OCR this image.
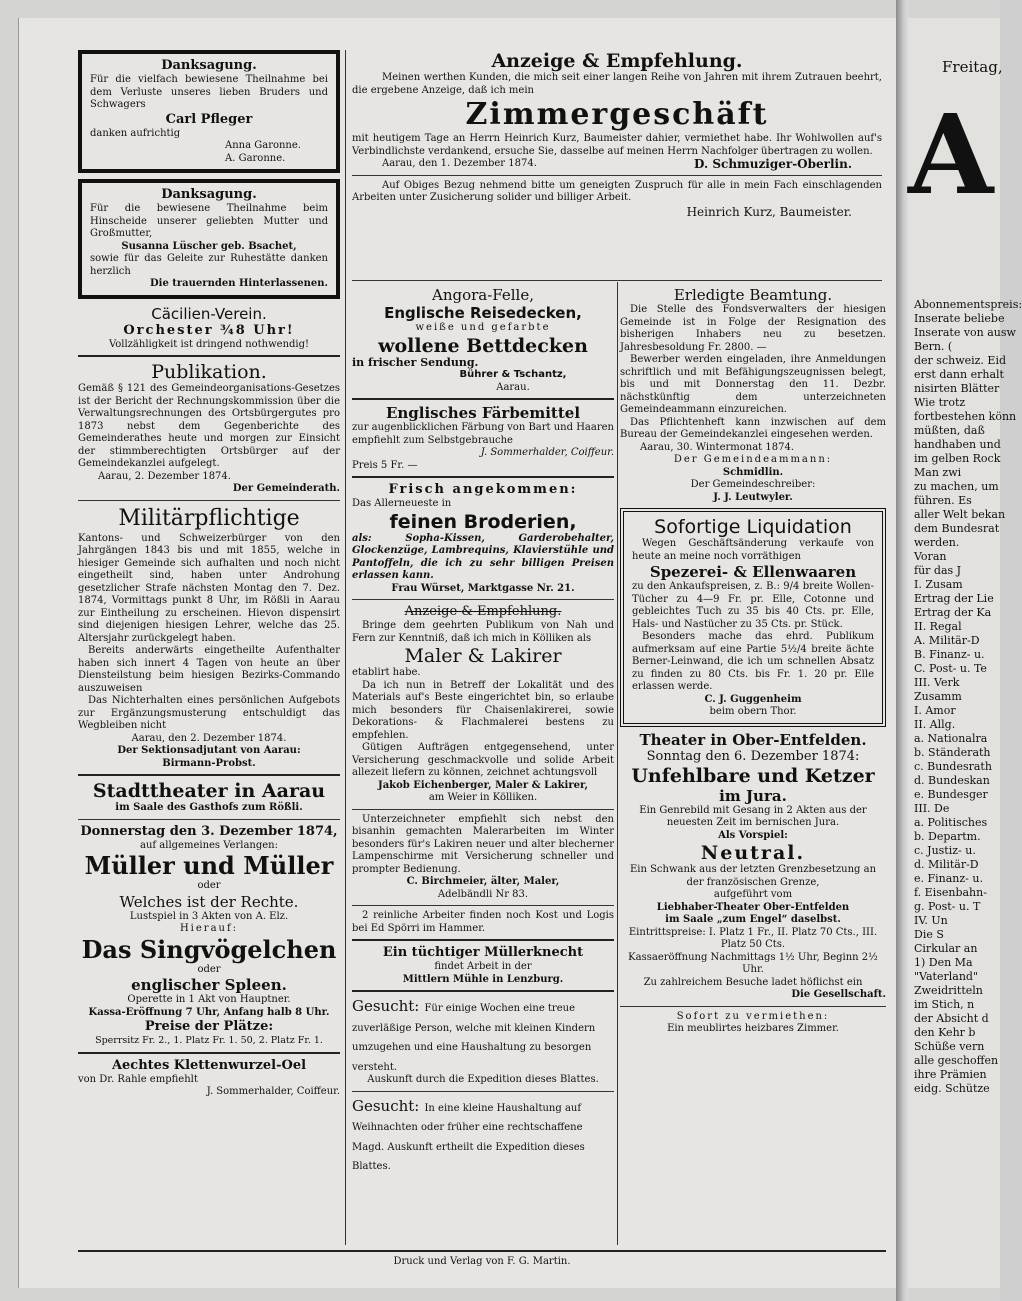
Freitag,
A
Abonnementspreis:
Inserate beliebe
Inserate von ausw
Bern. (
der schweiz. Eid
erst dann erhalt
nisirten Blätter
Wie trotz
fortbestehen könn
müßten, daß
handhaben und
im gelben Rock
Man zwi
zu machen, um
führen. Es
aller Welt bekan
dem Bundesrat
werden.
Voran
für das J
I. Zusam
Ertrag der Lie
Ertrag der Ka
II. Regal
A. Militär-D
B. Finanz- u.
C. Post- u. Te
III. Verk
Zusamm
I. Amor
II. Allg.
a. Nationalra
b. Ständerath
c. Bundesrath
d. Bundeskan
e. Bundesger
III. De
a. Politisches
b. Departm.
c. Justiz- u.
d. Militär-D
e. Finanz- u.
f. Eisenbahn-
g. Post- u. T
IV. Un
Die S
Cirkular an
1) Den Ma
"Vaterland"
Zweidritteln
im Stich, n
der Absicht d
den Kehr b
Schüße vern
alle geschoffen
ihre Prämien
eidg. Schütze
Danksagung.

Für die vielfach bewiesene Theilnahme bei dem Verluste unseres lieben Bruders und Schwagers

Carl Pfleger
danken aufrichtig
Anna Garonne.
A. Garonne.
Danksagung.

Für die bewiesene Theilnahme beim Hinscheide unserer geliebten Mutter und Großmutter,

Susanna Lüscher geb. Bsachet,

sowie für das Geleite zur Ruhestätte danken herzlich

Die trauernden Hinterlassenen.
Cäcilien-Verein.
Orchester ¾8 Uhr!
Vollzähligkeit ist dringend nothwendig!
Publikation.

Gemäß § 121 des Gemeindeorganisations-Gesetzes ist der Bericht der Rechnungskommission über die Verwaltungsrechnungen des Ortsbürgergutes pro 1873 nebst dem Gegenberichte des Gemeinderathes heute und morgen zur Einsicht der stimmberechtigten Ortsbürger auf der Gemeindekanzlei aufgelegt.

Aarau, 2. Dezember 1874.
Der Gemeinderath.
Militärpflichtige

Kantons- und Schweizerbürger von den Jahrgängen 1843 bis und mit 1855, welche in hiesiger Gemeinde sich aufhalten und noch nicht eingetheilt sind, haben unter Androhung gesetzlicher Strafe nächsten Montag den 7. Dez. 1874, Vormittags punkt 8 Uhr, im Rößli in Aarau zur Eintheilung zu erscheinen. Hievon dispensirt sind diejenigen hiesigen Lehrer, welche das 25. Altersjahr zurückgelegt haben.

Bereits anderwärts eingetheilte Aufenthalter haben sich innert 4 Tagen von heute an über Diensteilstung beim hiesigen Bezirks-Commando auszuweisen

Das Nichterhalten eines persönlichen Aufgebots zur Ergänzungsmusterung entschuldigt das Wegbleiben nicht

Aarau, den 2. Dezember 1874.
Der Sektionsadjutant von Aarau:
Birmann-Probst.
Stadttheater in Aarau
im Saale des Gasthofs zum Rößli.
Donnerstag den 3. Dezember 1874,
auf allgemeines Verlangen:
Müller und Müller
oder
Welches ist der Rechte.
Lustspiel in 3 Akten von A. Elz.
Hierauf:
Das Singvögelchen
oder
englischer Spleen.
Operette in 1 Akt von Hauptner.
Kassa-Eröffnung 7 Uhr, Anfang halb 8 Uhr.
Preise der Plätze:
Sperrsitz Fr. 2., 1. Platz Fr. 1. 50, 2. Platz Fr. 1.
Aechtes Klettenwurzel-Oel
von Dr. Rahle empfiehlt
J. Sommerhalder, Coiffeur.
Anzeige & Empfehlung.

Meinen werthen Kunden, die mich seit einer langen Reihe von Jahren mit ihrem Zutrauen beehrt, die ergebene Anzeige, daß ich mein

Zimmergeschäft

mit heutigem Tage an Herrn Heinrich Kurz, Baumeister dahier, vermiethet habe. Ihr Wohlwollen auf's Verbindlichste verdankend, ersuche Sie, dasselbe auf meinen Herrn Nachfolger übertragen zu wollen.

Aarau, den 1. Dezember 1874.	D. Schmuziger-Oberlin.

Auf Obiges Bezug nehmend bitte um geneigten Zuspruch für alle in mein Fach einschlagenden Arbeiten unter Zusicherung solider und billiger Arbeit.

Heinrich Kurz, Baumeister.
Angora-Felle,
Englische Reisedecken,
weiße und gefarbte
wollene Bettdecken
in frischer Sendung.
Bührer & Tschantz,
Aarau.
Englisches Färbemittel

zur augenblicklichen Färbung von Bart und Haaren empfiehlt zum Selbstgebrauche

J. Sommerhalder, Coiffeur.
Preis 5 Fr. —
Frisch angekommen:
Das Allerneueste in
feinen Broderien,

als: Sopha-Kissen, Garderobehalter, Glockenzüge, Lambrequins, Klavierstühle und Pantoffeln, die ich zu sehr billigen Preisen erlassen kann.

Frau Würset, Marktgasse Nr. 21.
Anzeige & Empfehlung.

Bringe dem geehrten Publikum von Nah und Fern zur Kenntniß, daß ich mich in Kölliken als

Maler & Lakirer
etablirt habe.

Da ich nun in Betreff der Lokalität und des Materials auf's Beste eingerichtet bin, so erlaube mich besonders für Chaisenlakirerei, sowie Dekorations- & Flachmalerei bestens zu empfehlen.

Gütigen Aufträgen entgegensehend, unter Versicherung geschmackvolle und solide Arbeit allezeit liefern zu können, zeichnet achtungsvoll

Jakob Eichenberger, Maler & Lakirer,
am Weier in Kölliken.

Unterzeichneter empfiehlt sich nebst den bisanhin gemachten Malerarbeiten im Winter besonders für's Lakiren neuer und alter blecherner Lampenschirme mit Versicherung schneller und prompter Bedienung.

C. Birchmeier, älter, Maler,
Adelbändli Nr 83.

2 reinliche Arbeiter finden noch Kost und Logis bei Ed Spörri im Hammer.

Ein tüchtiger Müllerknecht
findet Arbeit in der
Mittlern Mühle in Lenzburg.
Gesucht: Für einige Wochen eine treue zuverläßige Person, welche mit kleinen Kindern umzugehen und eine Haushaltung zu besorgen versteht.
Auskunft durch die Expedition dieses Blattes.
Gesucht: In eine kleine Haushaltung auf Weihnachten oder früher eine rechtschaffene Magd. Auskunft ertheilt die Expedition dieses Blattes.
Erledigte Beamtung.

Die Stelle des Fondsverwalters der hiesigen Gemeinde ist in Folge der Resignation des bisherigen Inhabers neu zu besetzen. Jahresbesoldung Fr. 2800. —

Bewerber werden eingeladen, ihre Anmeldungen schriftlich und mit Befähigungszeugnissen belegt, bis und mit Donnerstag den 11. Dezbr. nächstkünftig dem unterzeichneten Gemeindeammann einzureichen.

Das Pflichtenheft kann inzwischen auf dem Bureau der Gemeindekanzlei eingesehen werden.

Aarau, 30. Wintermonat 1874.
Der Gemeindeammann:
Schmidlin.
Der Gemeindeschreiber:
J. J. Leutwyler.
Sofortige Liquidation

Wegen Geschäftsänderung verkaufe von heute an meine noch vorräthigen

Spezerei- & Ellenwaaren

zu den Ankaufspreisen, z. B.: 9/4 breite Wollen-Tücher zu 4—9 Fr. pr. Elle, Cotonne und gebleichtes Tuch zu 35 bis 40 Cts. pr. Elle, Hals- und Nastücher zu 35 Cts. pr. Stück.

Besonders mache das ehrd. Publikum aufmerksam auf eine Partie 5½/4 breite ächte Berner-Leinwand, die ich um schnellen Absatz zu finden zu 80 Cts. bis Fr. 1. 20 pr. Elle erlassen werde.

C. J. Guggenheim
beim obern Thor.
Theater in Ober-Entfelden.
Sonntag den 6. Dezember 1874:
Unfehlbare und Ketzer
im Jura.

Ein Genrebild mit Gesang in 2 Akten aus der neuesten Zeit im bernischen Jura.

Als Vorspiel:
Neutral.

Ein Schwank aus der letzten Grenzbesetzung an der französischen Grenze,

aufgeführt vom
Liebhaber-Theater Ober-Entfelden
im Saale „zum Engel“ daselbst.

Eintrittspreise: I. Platz 1 Fr., II. Platz 70 Cts., III. Platz 50 Cts.

Kassaeröffnung Nachmittags 1½ Uhr, Beginn 2½ Uhr.

Zu zahlreichem Besuche ladet höflichst ein
Die Gesellschaft.
Sofort zu vermiethen:
Ein meublirtes heizbares Zimmer.
Druck und Verlag von F. G. Martin.
